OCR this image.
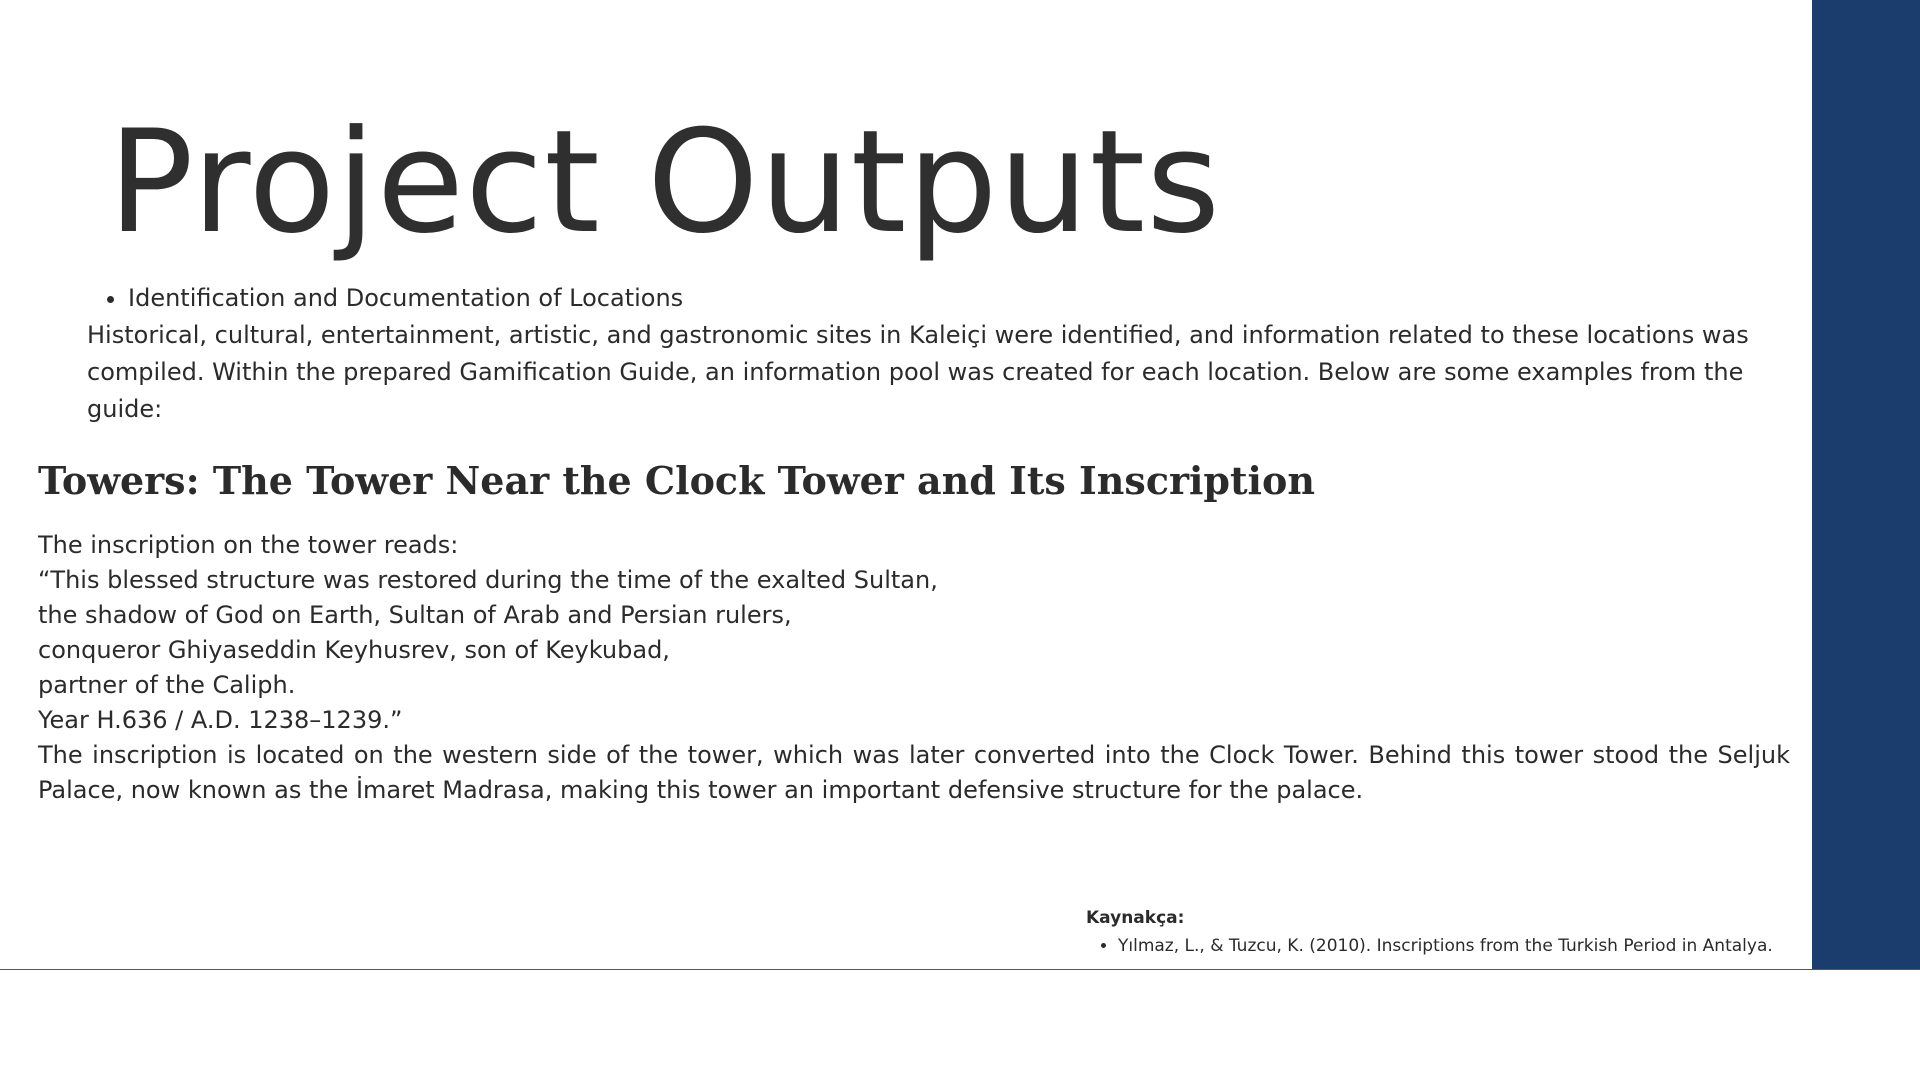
Project Outputs
• Identification and Documentation of Locations

Historical, cultural, entertainment, artistic, and gastronomic sites in Kaleiçi were identified, and information related to these locations was compiled. Within the prepared Gamification Guide, an information pool was created for each location. Below are some examples from the guide:

Towers: The Tower Near the Clock Tower and Its Inscription
The inscription on the tower reads:
“This blessed structure was restored during the time of the exalted Sultan,
the shadow of God on Earth, Sultan of Arab and Persian rulers,
conqueror Ghiyaseddin Keyhusrev, son of Keykubad,
partner of the Caliph.
Year H.636 / A.D. 1238–1239.”
The inscription is located on the western side of the tower, which was later converted into the Clock Tower. Behind this tower stood the Seljuk Palace, now known as the İmaret Madrasa, making this tower an important defensive structure for the palace.
Kaynakça:
• Yılmaz, L., & Tuzcu, K. (2010). Inscriptions from the Turkish Period in Antalya.
